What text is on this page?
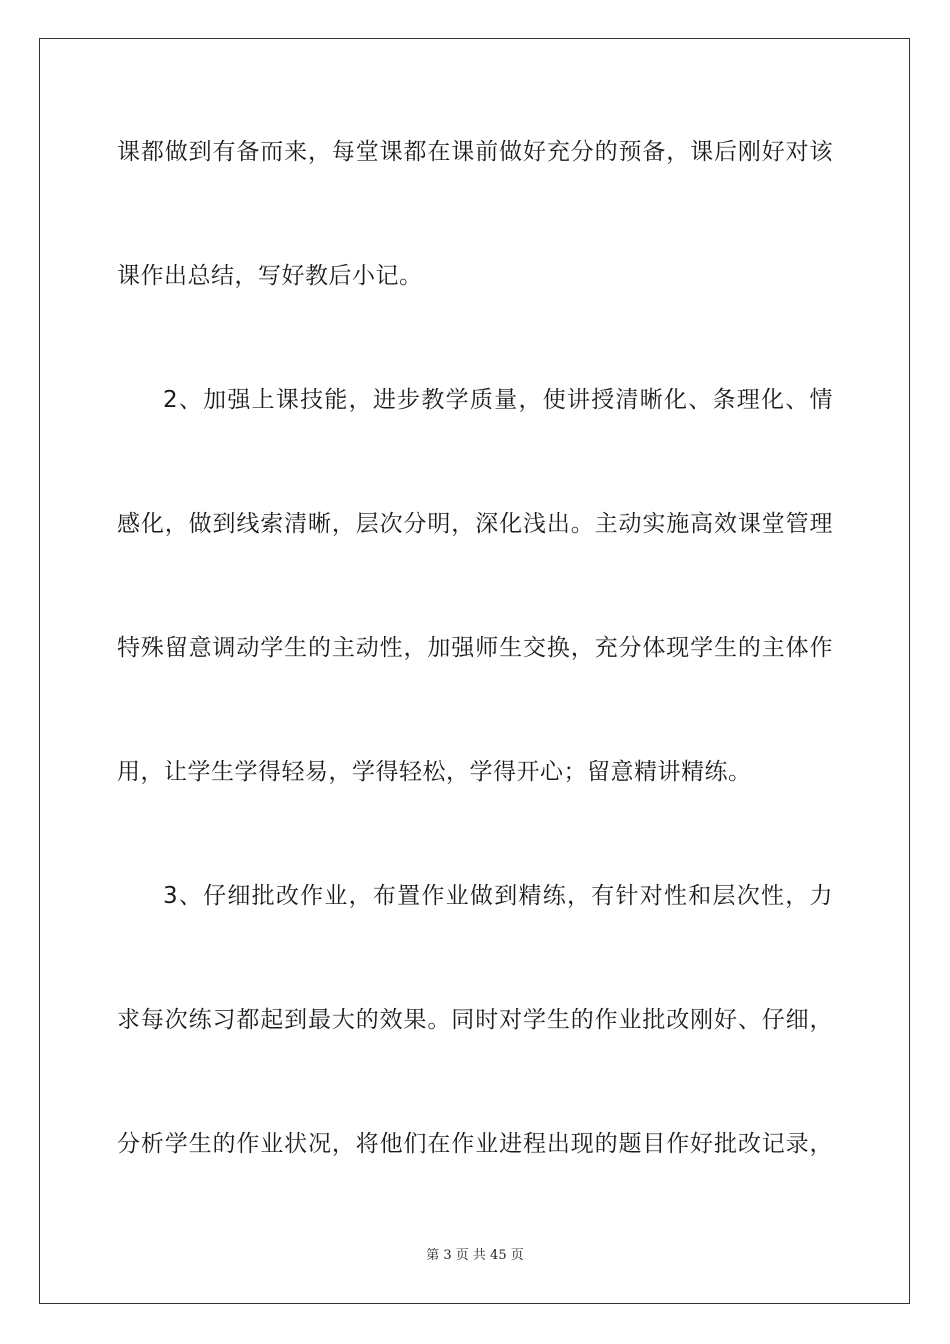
课都做到有备而来，每堂课都在课前做好充分的预备，课后刚好对该
课作出总结，写好教后小记。
2、加强上课技能，进步教学质量，使讲授清晰化、条理化、情
感化，做到线索清晰，层次分明，深化浅出。主动实施高效课堂管理
特殊留意调动学生的主动性，加强师生交换，充分体现学生的主体作
用，让学生学得轻易，学得轻松，学得开心；留意精讲精练。
3、仔细批改作业，布置作业做到精练，有针对性和层次性，力
求每次练习都起到最大的效果。同时对学生的作业批改刚好、仔细，
分析学生的作业状况，将他们在作业进程出现的题目作好批改记录，
第 3 页 共 45 页
